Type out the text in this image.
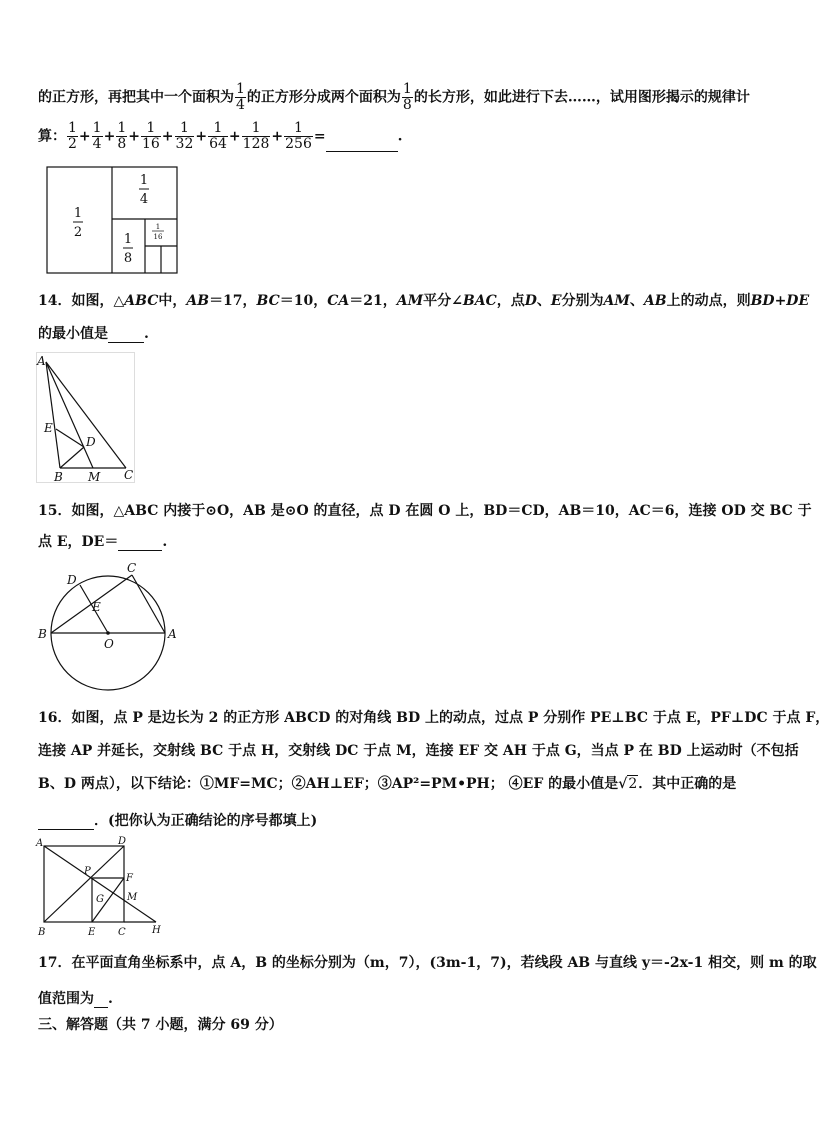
的正方形，再把其中一个面积为 $\frac{1}{4}$ 的正方形分成两个面积为 $\frac{1}{8}$ 的长方形，如此进行下去……，试用图形揭示的规律计
算： $\frac{1}{2} + \frac{1}{4} + \frac{1}{8} + \frac{1}{16} + \frac{1}{32} + \frac{1}{64} + \frac{1}{128} + \frac{1}{256}$ =	.
1
2
1
4
1
8
1
16
14．如图，△ABC中，AB＝17，BC＝10，CA＝21，AM平分∠BAC，点D、E分别为AM、AB上的动点，则BD+DE
的最小值是	.
A
E
D
B M C
15．如图，△ABC 内接于⊙O，AB 是⊙O 的直径，点 D 在圆 O 上，BD＝CD，AB＝10，AC＝6，连接 OD 交 BC 于
点 E，DE＝	.
D
C
E
B
O
A
16．如图，点 P 是边长为 2 的正方形 ABCD 的对角线 BD 上的动点，过点 P 分别作 PE⊥BC 于点 E，PF⊥DC 于点 F，
连接 AP 并延长，交射线 BC 于点 H，交射线 DC 于点 M，连接 EF 交 AH 于点 G，当点 P 在 BD 上运动时（不包括
B、D 两点），以下结论：①MF=MC；②AH⊥EF；③AP²=PM•PH； ④EF 的最小值是√2．其中正确的是
．(把你认为正确结论的序号都填上)
A	D
P
F
G M
B	E C	H
17．在平面直角坐标系中，点 A，B 的坐标分别为（m，7），(3m-1，7)，若线段 AB 与直线 y＝-2x-1 相交，则 m 的取
值范围为 .
三、解答题（共 7 小题，满分 69 分）
